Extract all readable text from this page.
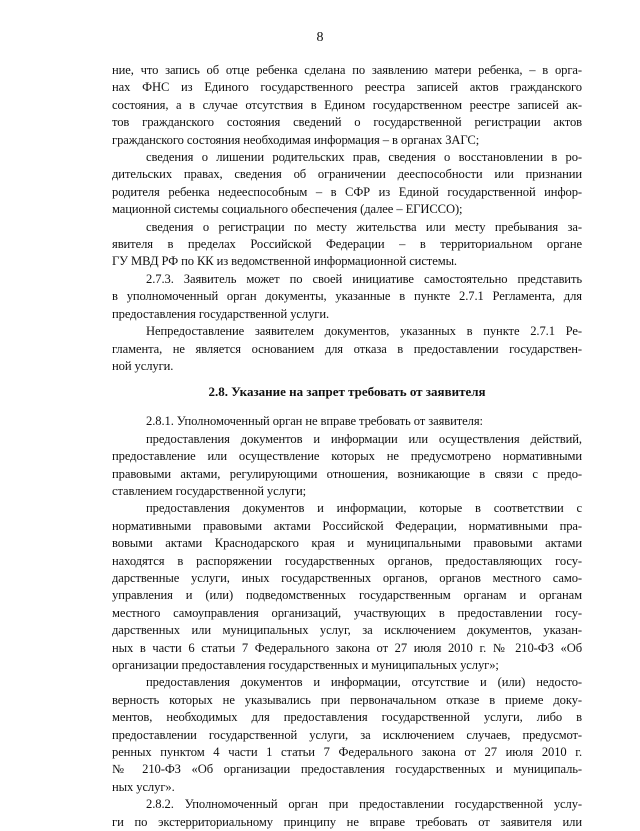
8
ние, что запись об отце ребенка сделана по заявлению матери ребенка, – в орга-
нах ФНС из Единого государственного реестра записей актов гражданского
состояния, а в случае отсутствия в Едином государственном реестре записей ак-
тов гражданского состояния сведений о государственной регистрации актов
гражданского состояния необходимая информация – в органах ЗАГС;
сведения о лишении родительских прав, сведения о восстановлении в ро-
дительских правах, сведения об ограничении дееспособности или признании
родителя ребенка недееспособным – в СФР из Единой государственной инфор-
мационной системы социального обеспечения (далее – ЕГИССО);
сведения о регистрации по месту жительства или месту пребывания за-
явителя в пределах Российской Федерации – в территориальном органе
ГУ МВД РФ по КК из ведомственной информационной системы.
2.7.3. Заявитель может по своей инициативе самостоятельно представить
в уполномоченный орган документы, указанные в пункте 2.7.1 Регламента, для
предоставления государственной услуги.
Непредоставление заявителем документов, указанных в пункте 2.7.1 Ре-
гламента, не является основанием для отказа в предоставлении государствен-
ной услуги.
2.8. Указание на запрет требовать от заявителя
2.8.1. Уполномоченный орган не вправе требовать от заявителя:
предоставления документов и информации или осуществления действий,
предоставление или осуществление которых не предусмотрено нормативными
правовыми актами, регулирующими отношения, возникающие в связи с предо-
ставлением государственной услуги;
предоставления документов и информации, которые в соответствии с
нормативными правовыми актами Российской Федерации, нормативными пра-
вовыми актами Краснодарского края и муниципальными правовыми актами
находятся в распоряжении государственных органов, предоставляющих госу-
дарственные услуги, иных государственных органов, органов местного само-
управления и (или) подведомственных государственным органам и органам
местного самоуправления организаций, участвующих в предоставлении госу-
дарственных или муниципальных услуг, за исключением документов, указан-
ных в части 6 статьи 7 Федерального закона от 27 июля 2010 г. № 210-ФЗ «Об
организации предоставления государственных и муниципальных услуг»;
предоставления документов и информации, отсутствие и (или) недосто-
верность которых не указывались при первоначальном отказе в приеме доку-
ментов, необходимых для предоставления государственной услуги, либо в
предоставлении государственной услуги, за исключением случаев, предусмот-
ренных пунктом 4 части 1 статьи 7 Федерального закона от 27 июля 2010 г.
№ 210-ФЗ «Об организации предоставления государственных и муниципаль-
ных услуг».
2.8.2. Уполномоченный орган при предоставлении государственной услу-
ги по экстерриториальному принципу не вправе требовать от заявителя или
